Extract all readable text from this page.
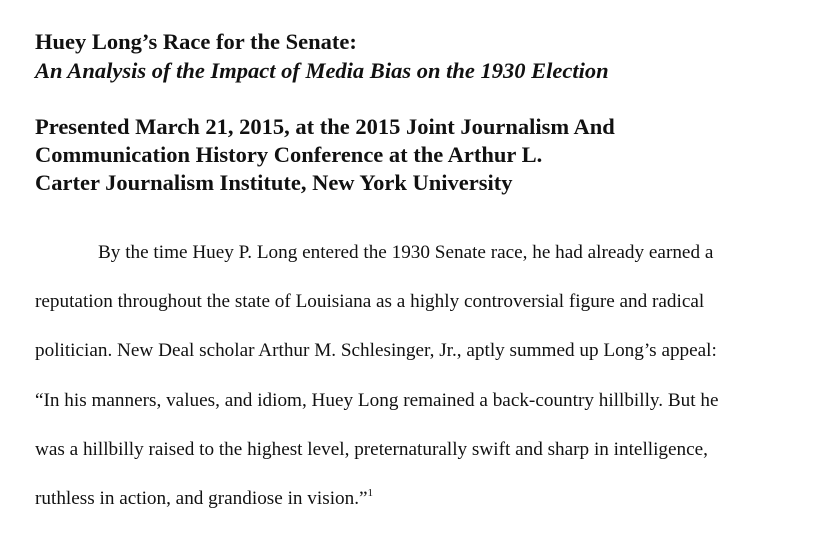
Huey Long’s Race for the Senate:
An Analysis of the Impact of Media Bias on the 1930 Election
Presented March 21, 2015, at the 2015 Joint Journalism And
Communication History Conference at the Arthur L.
Carter Journalism Institute, New York University
By the time Huey P. Long entered the 1930 Senate race, he had already earned a
reputation throughout the state of Louisiana as a highly controversial figure and radical
politician. New Deal scholar Arthur M. Schlesinger, Jr., aptly summed up Long’s appeal:
“In his manners, values, and idiom, Huey Long remained a back-country hillbilly. But he
was a hillbilly raised to the highest level, preternaturally swift and sharp in intelligence,
ruthless in action, and grandiose in vision.”$^1$
